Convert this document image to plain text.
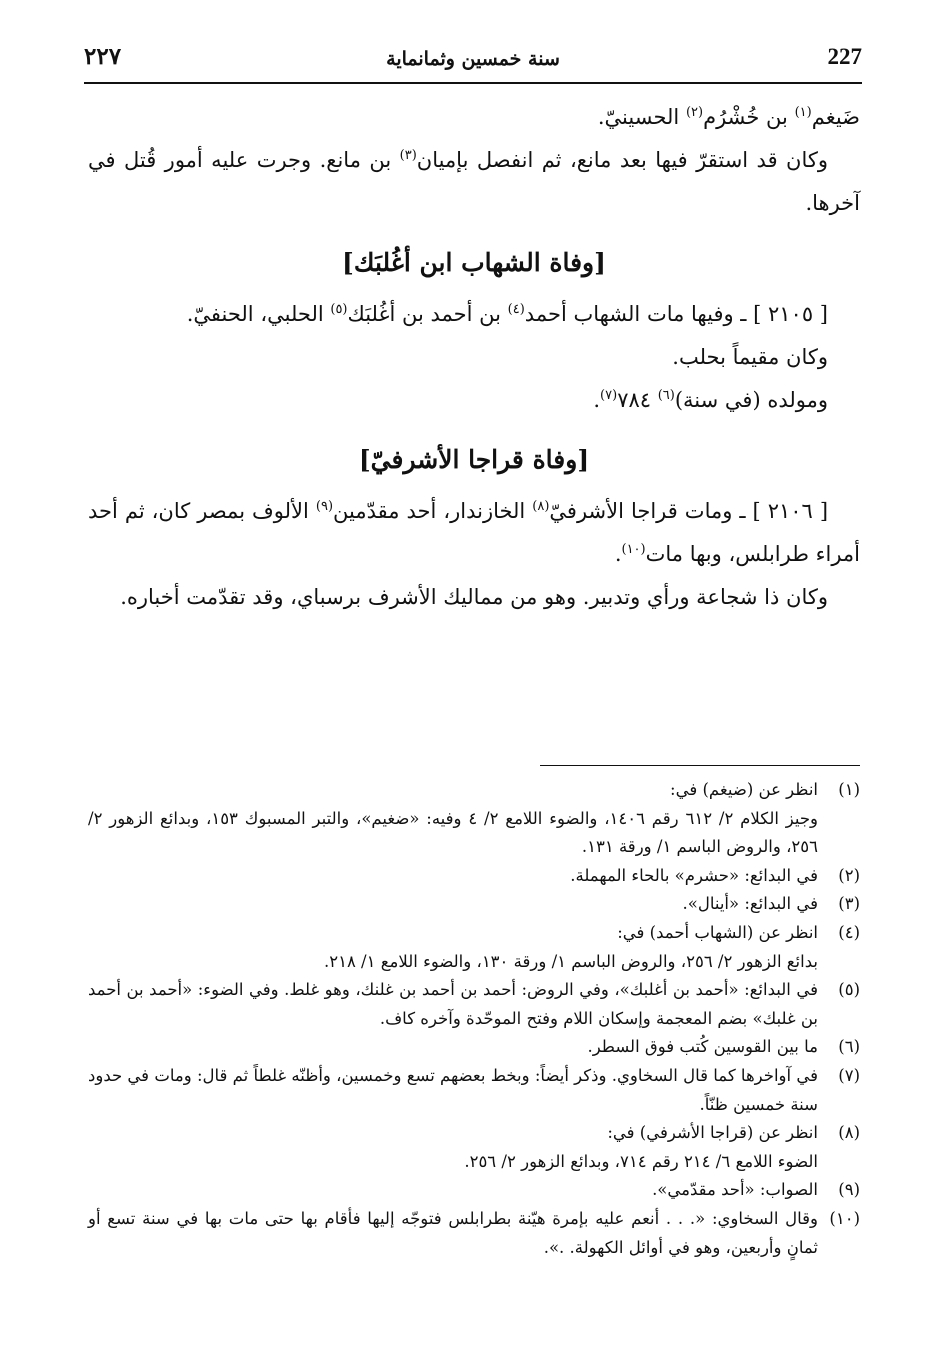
٢٢٧	سنة خمسين وثمانماية	227

ضَيغم$^{(١)}$ بن خُشْرُم$^{(٢)}$ الحسينيّ.

وكان قد استقرّ فيها بعد مانع، ثم انفصل بإميان$^{(٣)}$ بن مانع. وجرت عليه أمور قُتل في آخرها.

[وفاة الشهاب ابن أغُلبَك]

[ ٢١٠٥ ] ـ وفيها مات الشهاب أحمد$^{(٤)}$ بن أحمد بن أغُلبَك$^{(٥)}$ الحلبي، الحنفيّ.

وكان مقيماً بحلب.

ومولده (في سنة)$^{(٦)}$ ٧٨٤$^{(٧)}$.

[وفاة قراجا الأشرفيّ]

[ ٢١٠٦ ] ـ ومات قراجا الأشرفيّ$^{(٨)}$ الخازندار، أحد مقدّمين$^{(٩)}$ الألوف بمصر كان، ثم أحد أمراء طرابلس، وبها مات$^{(١٠)}$.

وكان ذا شجاعة ورأي وتدبير. وهو من مماليك الأشرف برسباي، وقد تقدّمت أخباره.

(١)
انظر عن (ضيغم) في:
وجيز الكلام ٢/ ٦١٢ رقم ١٤٠٦، والضوء اللامع ٢/ ٤ وفيه: «ضغيم»، والتبر المسبوك ١٥٣، وبدائع الزهور ٢/ ٢٥٦، والروض الباسم ١/ ورقة ١٣١.
(٢)
في البدائع: «حشرم» بالحاء المهملة.
(٣)
في البدائع: «أينال».
(٤)
انظر عن (الشهاب أحمد) في:
بدائع الزهور ٢/ ٢٥٦، والروض الباسم ١/ ورقة ١٣٠، والضوء اللامع ١/ ٢١٨.
(٥)
في البدائع: «أحمد بن أغلبك»، وفي الروض: أحمد بن أحمد بن غلنك، وهو غلط. وفي الضوء: «أحمد بن أحمد بن غلبك» بضم المعجمة وإسكان اللام وفتح الموحّدة وآخره كاف.
(٦)
ما بين القوسين كُتب فوق السطر.
(٧)
في آواخرها كما قال السخاوي. وذكر أيضاً: وبخط بعضهم تسع وخمسين، وأظنّه غلطاً ثم قال: ومات في حدود سنة خمسين ظنّاً.
(٨)
انظر عن (قراجا الأشرفي) في:
الضوء اللامع ٦/ ٢١٤ رقم ٧١٤، وبدائع الزهور ٢/ ٢٥٦.
(٩)
الصواب: «أحد مقدّمي».
(١٠)
وقال السخاوي: «. . . أنعم عليه بإمرة هيّنة بطرابلس فتوجّه إليها فأقام بها حتى مات بها في سنة تسع أو ثمانٍ وأربعين، وهو في أوائل الكهولة. .».
